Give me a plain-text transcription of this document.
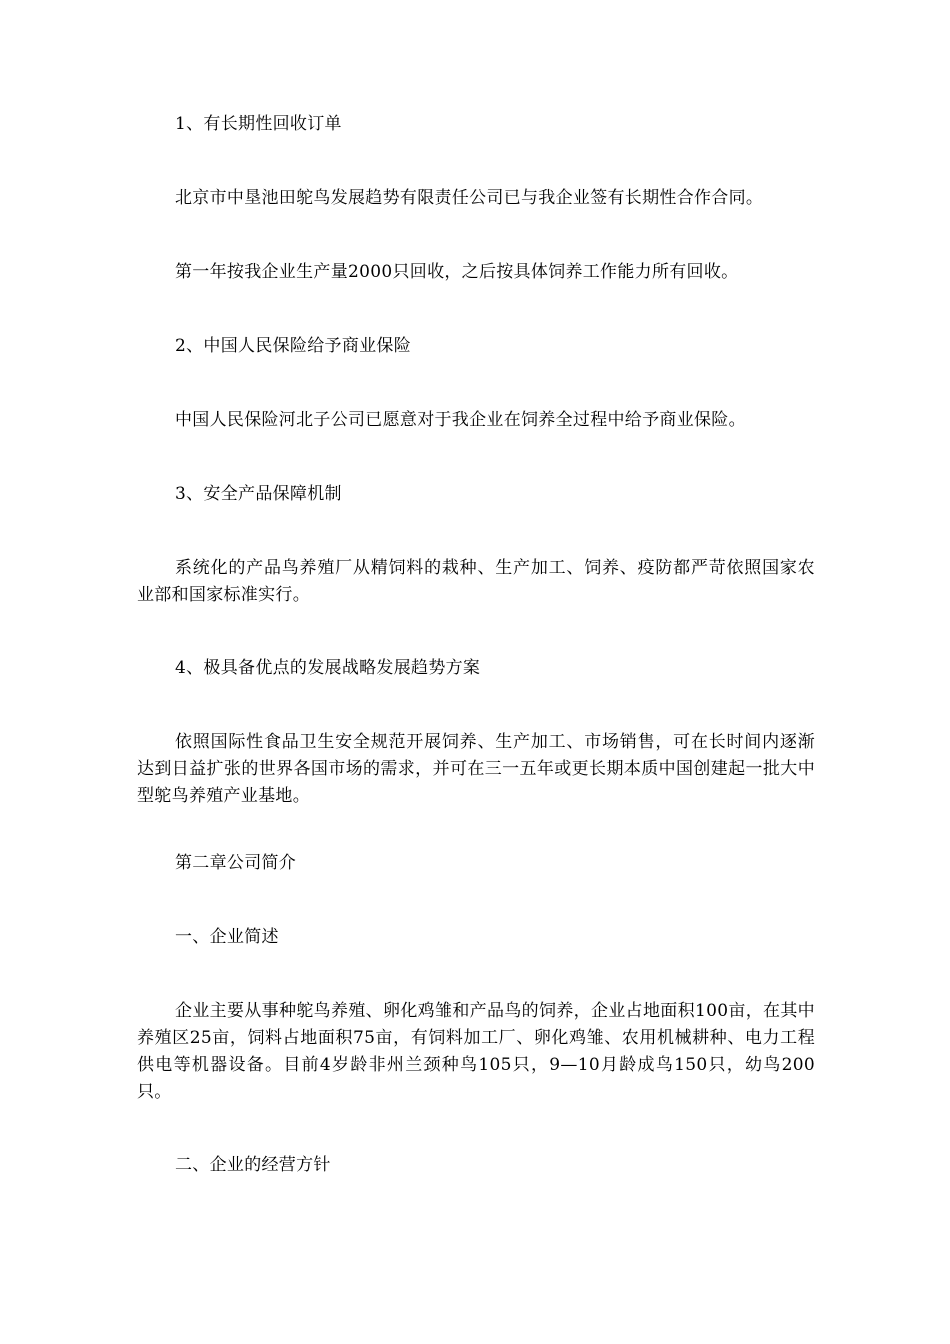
1、有长期性回收订单

北京市中垦池田鸵鸟发展趋势有限责任公司已与我企业签有长期性合作合同。

第一年按我企业生产量2000只回收，之后按具体饲养工作能力所有回收。

2、中国人民保险给予商业保险

中国人民保险河北子公司已愿意对于我企业在饲养全过程中给予商业保险。

3、安全产品保障机制

系统化的产品鸟养殖厂从精饲料的栽种、生产加工、饲养、疫防都严苛依照国家农业部和国家标准实行。

4、极具备优点的发展战略发展趋势方案

依照国际性食品卫生安全规范开展饲养、生产加工、市场销售，可在长时间内逐渐达到日益扩张的世界各国市场的需求，并可在三一五年或更长期本质中国创建起一批大中型鸵鸟养殖产业基地。

第二章公司简介

一、企业简述

企业主要从事种鸵鸟养殖、卵化鸡雏和产品鸟的饲养，企业占地面积100亩，在其中养殖区25亩，饲料占地面积75亩，有饲料加工厂、卵化鸡雏、农用机械耕种、电力工程供电等机器设备。目前4岁龄非州兰颈种鸟105只，9—10月龄成鸟150只，幼鸟200只。

二、企业的经营方针
